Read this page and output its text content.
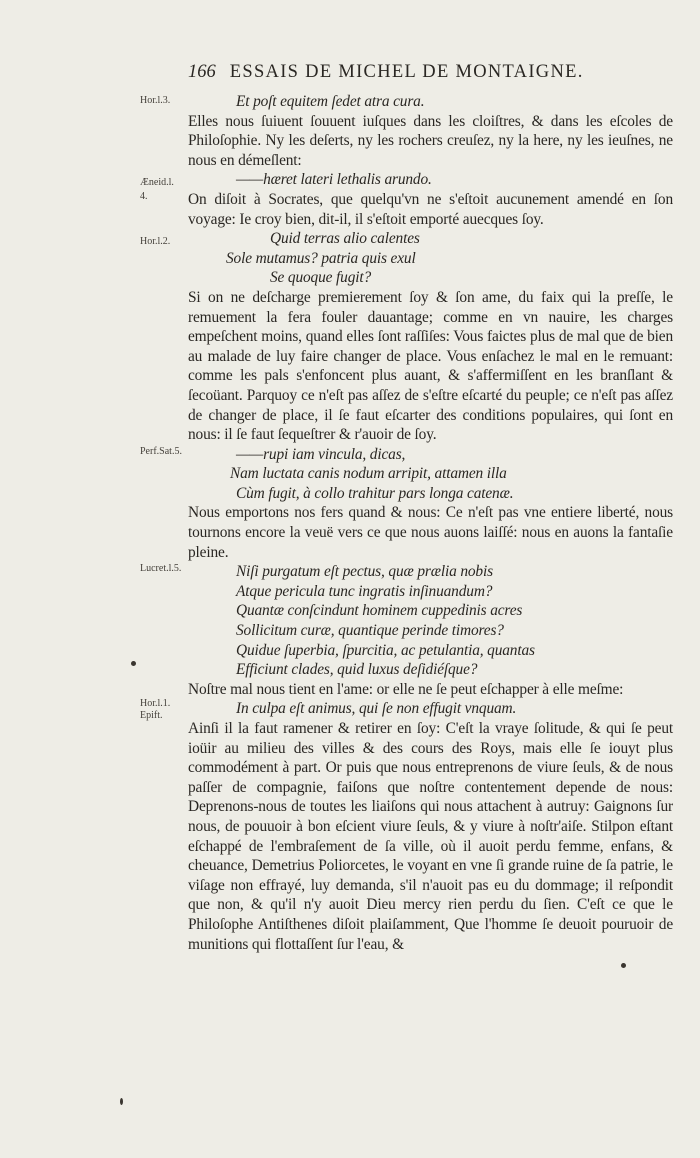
166 ESSAIS DE MICHEL DE MONTAIGNE.
Hor.l.3.
Æneid.l.
4.
Hor.l.2.
Perf.Sat.5.
Lucret.l.5.
Hor.l.1.
Epift.

Et poſt equitem ſedet atra cura.

Elles nous ſuiuent ſouuent iuſques dans les cloiſtres, & dans les eſcoles de Philoſophie. Ny les deſerts, ny les rochers creuſez, ny la here, ny les ieuſnes, ne nous en démeſlent:

——hæret lateri lethalis arundo.

On diſoit à Socrates, que quelqu'vn ne s'eſtoit aucunement amendé en ſon voyage: Ie croy bien, dit-il, il s'eſtoit emporté auecques ſoy.

Quid terras alio calentes

Sole mutamus? patria quis exul

Se quoque fugit?

Si on ne deſcharge premierement ſoy & ſon ame, du faix qui la preſſe, le remuement la fera fouler dauantage; comme en vn nauire, les charges empeſchent moins, quand elles ſont raſſiſes: Vous faictes plus de mal que de bien au malade de luy faire changer de place. Vous enſachez le mal en le remuant: comme les pals s'enfoncent plus auant, & s'affermiſſent en les branſlant & ſecoüant. Parquoy ce n'eſt pas aſſez de s'eſtre eſcarté du peuple; ce n'eſt pas aſſez de changer de place, il ſe faut eſcarter des conditions populaires, qui ſont en nous: il ſe faut ſequeſtrer & r'auoir de ſoy.

——rupi iam vincula, dicas,

Nam luctata canis nodum arripit, attamen illa

Cùm fugit, à collo trahitur pars longa catenæ.

Nous emportons nos fers quand & nous: Ce n'eſt pas vne entiere liberté, nous tournons encore la veuë vers ce que nous auons laiſſé: nous en auons la fantaſie pleine.

Niſi purgatum eſt pectus, quæ prælia nobis

Atque pericula tunc ingratis inſinuandum?

Quantæ conſcindunt hominem cuppedinis acres

Sollicitum curæ, quantique perinde timores?

Quidue ſuperbia, ſpurcitia, ac petulantia, quantas

Efficiunt clades, quid luxus deſidiéſque?

Noſtre mal nous tient en l'ame: or elle ne ſe peut eſchapper à elle meſme:

In culpa eſt animus, qui ſe non effugit vnquam.

Ainſi il la faut ramener & retirer en ſoy: C'eſt la vraye ſolitude, & qui ſe peut ioüir au milieu des villes & des cours des Roys, mais elle ſe iouyt plus commodément à part. Or puis que nous entreprenons de viure ſeuls, & de nous paſſer de compagnie, faiſons que noſtre contentement depende de nous: Deprenons-nous de toutes les liaiſons qui nous attachent à autruy: Gaignons ſur nous, de pouuoir à bon eſcient viure ſeuls, & y viure à noſtr'aiſe. Stilpon eſtant eſchappé de l'embraſement de ſa ville, où il auoit perdu femme, enfans, & cheuance, Demetrius Poliorcetes, le voyant en vne ſi grande ruine de ſa patrie, le viſage non effrayé, luy demanda, s'il n'auoit pas eu du dommage; il reſpondit que non, & qu'il n'y auoit Dieu mercy rien perdu du ſien. C'eſt ce que le Philoſophe Antiſthenes diſoit plaiſamment, Que l'homme ſe deuoit pouruoir de munitions qui flottaſſent ſur l'eau, &
